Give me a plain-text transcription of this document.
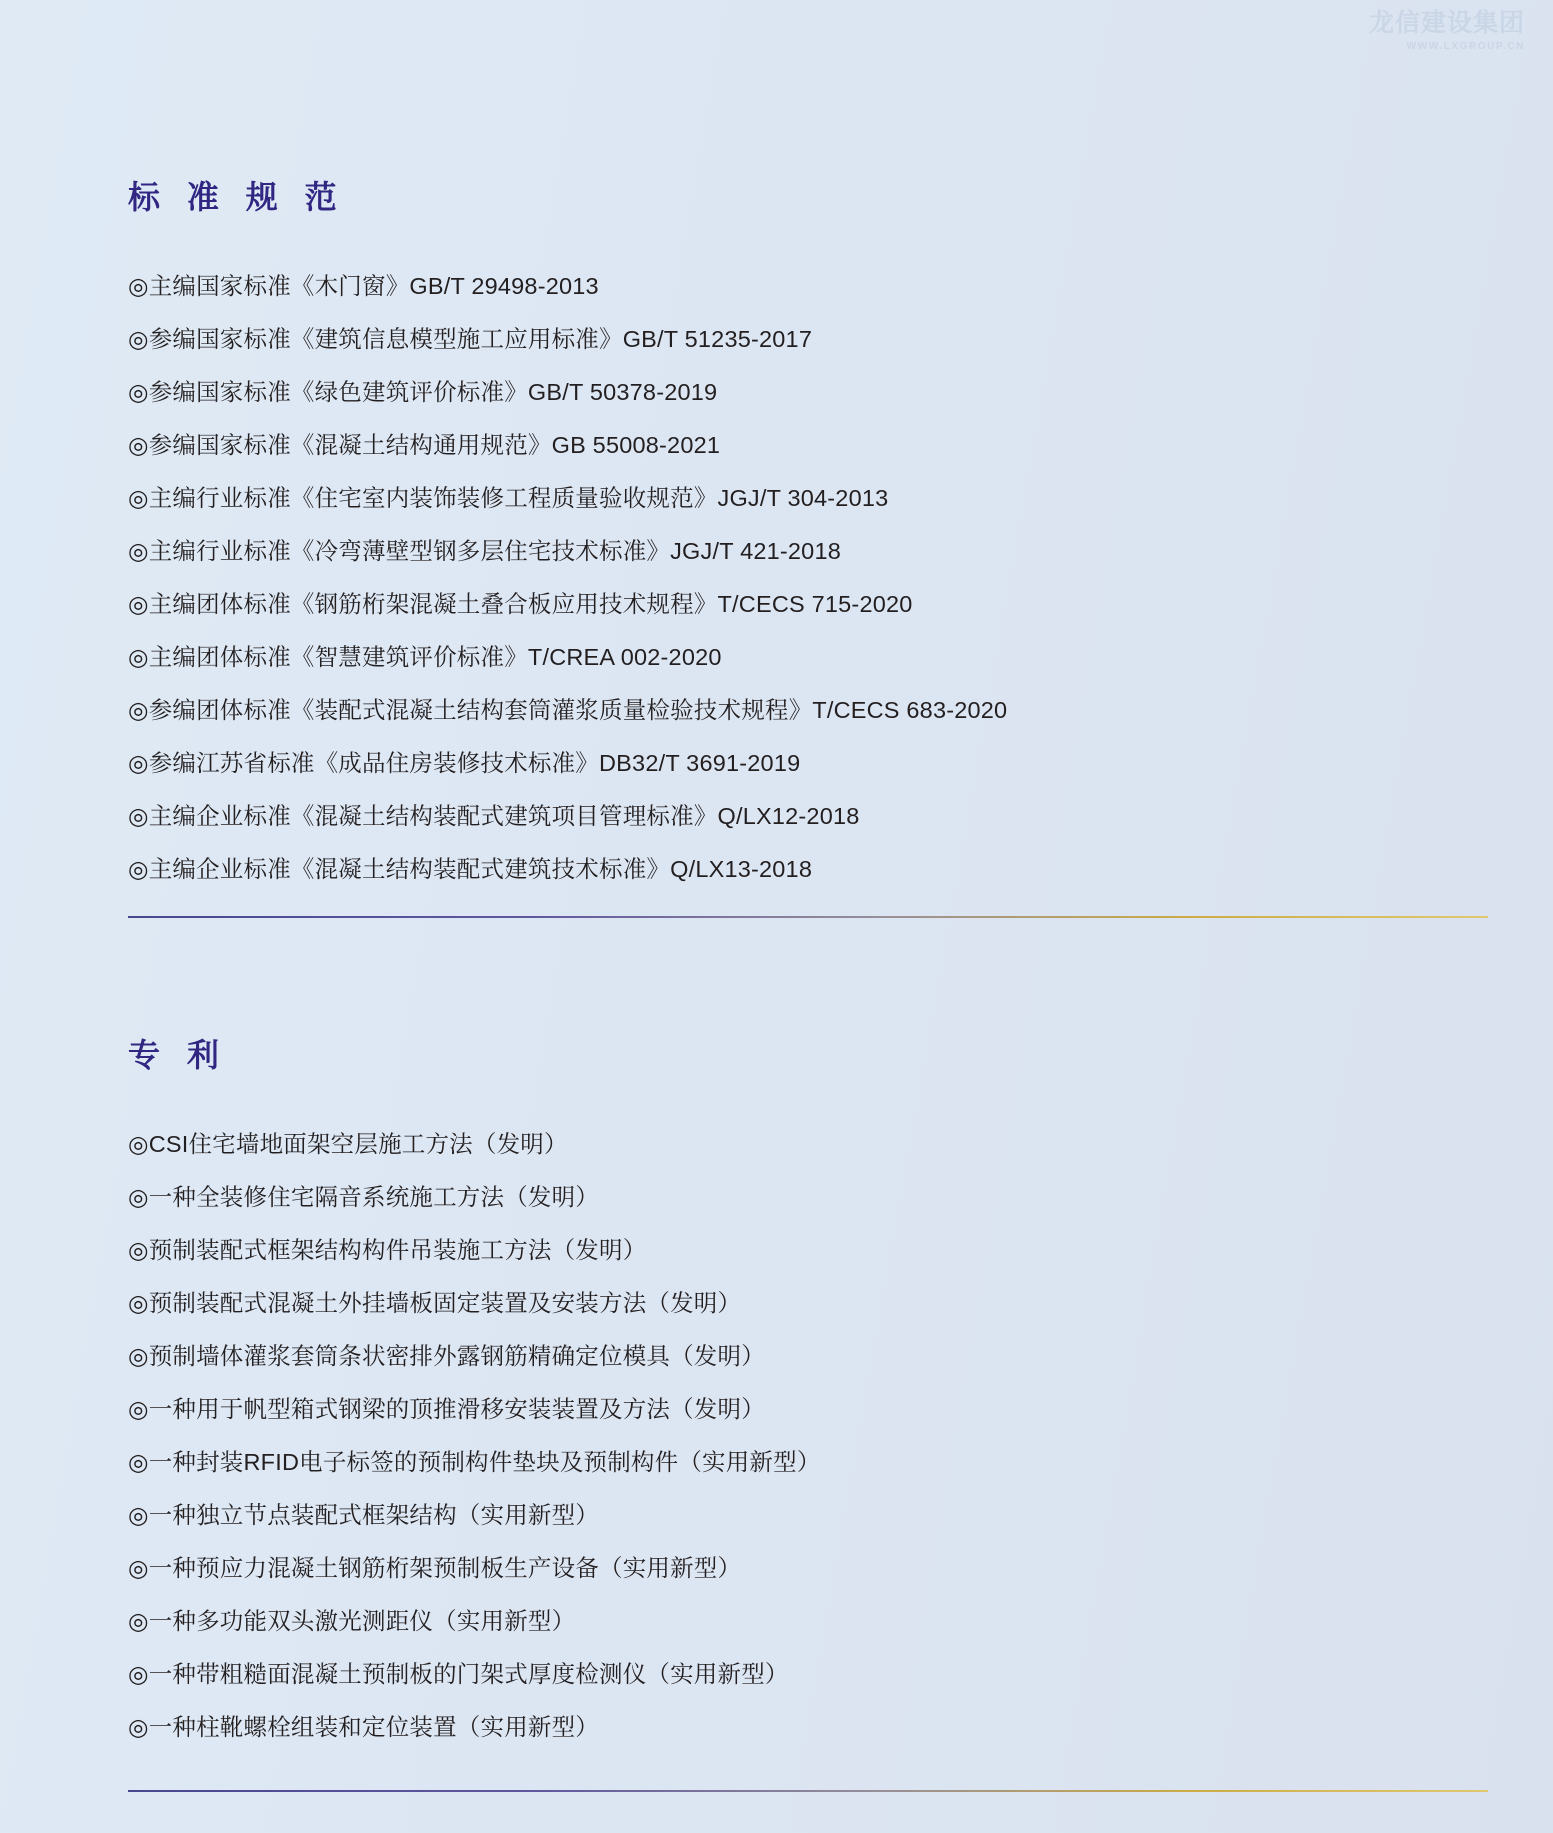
龙信建设集团
WWW.LXGROUP.CN
标 准 规 范
◎主编国家标准《木门窗》GB/T 29498-2013
◎参编国家标准《建筑信息模型施工应用标准》GB/T 51235-2017
◎参编国家标准《绿色建筑评价标准》GB/T 50378-2019
◎参编国家标准《混凝土结构通用规范》GB 55008-2021
◎主编行业标准《住宅室内装饰装修工程质量验收规范》JGJ/T 304-2013
◎主编行业标准《冷弯薄壁型钢多层住宅技术标准》JGJ/T 421-2018
◎主编团体标准《钢筋桁架混凝土叠合板应用技术规程》T/CECS 715-2020
◎主编团体标准《智慧建筑评价标准》T/CREA 002-2020
◎参编团体标准《装配式混凝土结构套筒灌浆质量检验技术规程》T/CECS 683-2020
◎参编江苏省标准《成品住房装修技术标准》DB32/T 3691-2019
◎主编企业标准《混凝土结构装配式建筑项目管理标准》Q/LX12-2018
◎主编企业标准《混凝土结构装配式建筑技术标准》Q/LX13-2018
专 利
◎CSI住宅墙地面架空层施工方法（发明）
◎一种全装修住宅隔音系统施工方法（发明）
◎预制装配式框架结构构件吊装施工方法（发明）
◎预制装配式混凝土外挂墙板固定装置及安装方法（发明）
◎预制墙体灌浆套筒条状密排外露钢筋精确定位模具（发明）
◎一种用于帆型箱式钢梁的顶推滑移安装装置及方法（发明）
◎一种封装RFID电子标签的预制构件垫块及预制构件（实用新型）
◎一种独立节点装配式框架结构（实用新型）
◎一种预应力混凝土钢筋桁架预制板生产设备（实用新型）
◎一种多功能双头激光测距仪（实用新型）
◎一种带粗糙面混凝土预制板的门架式厚度检测仪（实用新型）
◎一种柱靴螺栓组装和定位装置（实用新型）
